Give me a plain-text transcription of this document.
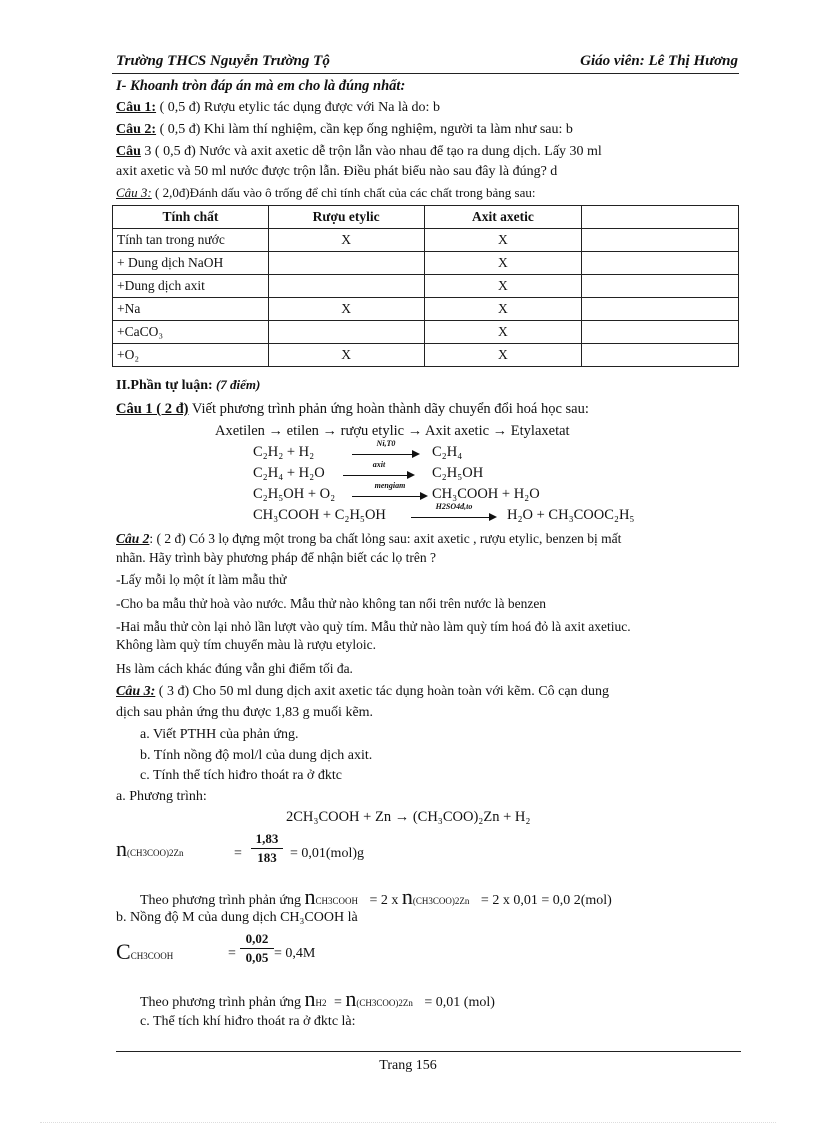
Trường THCS Nguyễn Trường Tộ	Giáo viên: Lê Thị Hương
I- Khoanh tròn đáp án mà em cho là đúng nhất:
Câu 1: ( 0,5 đ) Rượu etylic tác dụng được với Na là do: b
Câu 2: ( 0,5 đ) Khi làm thí nghiệm, cần kẹp ống nghiệm, người ta làm như sau: b
Câu 3 ( 0,5 đ) Nước và axit axetic dễ trộn lẫn vào nhau để tạo ra dung dịch. Lấy 30 ml
axit axetic và 50 ml nước được trộn lẫn. Điều phát biểu nào sau đây là đúng? d
Câu 3: ( 2,0đ)Đánh dấu vào ô trống để chỉ tính chất của các chất trong bảng sau:
Tính chất	Rượu etylic	Axit axetic	
Tính tan trong nước	X	X	
+ Dung dịch NaOH		X	
+Dung dịch axit		X	
+Na	X	X	
+CaCO₃		X	
+O₂	X	X	
II.Phần tự luận: (7 điểm)
Câu 1 ( 2 đ) Viết phương trình phản ứng hoàn thành dãy chuyển đổi hoá học sau:
Axetilen → etilen → rượu etylic → Axit axetic → Etylaxetat
C₂H₂ + H₂
Ni,T0
C₂H₄
C₂H₄ + H₂O
axit
C₂H₅OH
C₂H₅OH + O₂
mengiam
CH₃COOH + H₂O
CH₃COOH + C₂H₅OH
H2SO4đ,to
H₂O + CH₃COOC₂H₅
Câu 2: ( 2 đ) Có 3 lọ đựng một trong ba chất lỏng sau: axit axetic , rượu etylic, benzen bị mất
nhãn. Hãy trình bày phương pháp để nhận biết các lọ trên ?
-Lấy mỗi lọ một ít làm mẫu thử
-Cho ba mẫu thử hoà vào nước. Mẫu thử nào không tan nổi trên nước là benzen
-Hai mẫu thử còn lại nhỏ lần lượt vào quỳ tím. Mẫu thử nào làm quỳ tím hoá đỏ là axit axetiuc.
Không làm quỳ tím chuyển màu là rượu etyloic.
Hs làm cách khác đúng vẫn ghi điểm tối đa.
Câu 3: ( 3 đ) Cho 50 ml dung dịch axit axetic tác dụng hoàn toàn với kẽm. Cô cạn dung
dịch sau phản ứng thu được 1,83 g muối kẽm.
a. Viết PTHH của phản ứng.
b. Tính nồng độ mol/l của dung dịch axit.
c. Tính thể tích hiđro thoát ra ở đktc
a. Phương trình:
2CH₃COOH + Zn → (CH₃COO)₂Zn + H₂
n(CH3COO)2Zn	=
1,83
183 = 0,01(mol)g
Theo phương trình phản ứng nCH3COOH = 2 x n(CH3COO)2Zn = 2 x 0,01 = 0,0 2(mol)
b. Nồng độ M của dung dịch CH₃COOH là
CCH3COOH	=
0,02
0,05 = 0,4M
Theo phương trình phản ứng nH2 = n(CH3COO)2Zn = 0,01 (mol)
c. Thể tích khí hiđro thoát ra ở đktc là:
Trang 156
